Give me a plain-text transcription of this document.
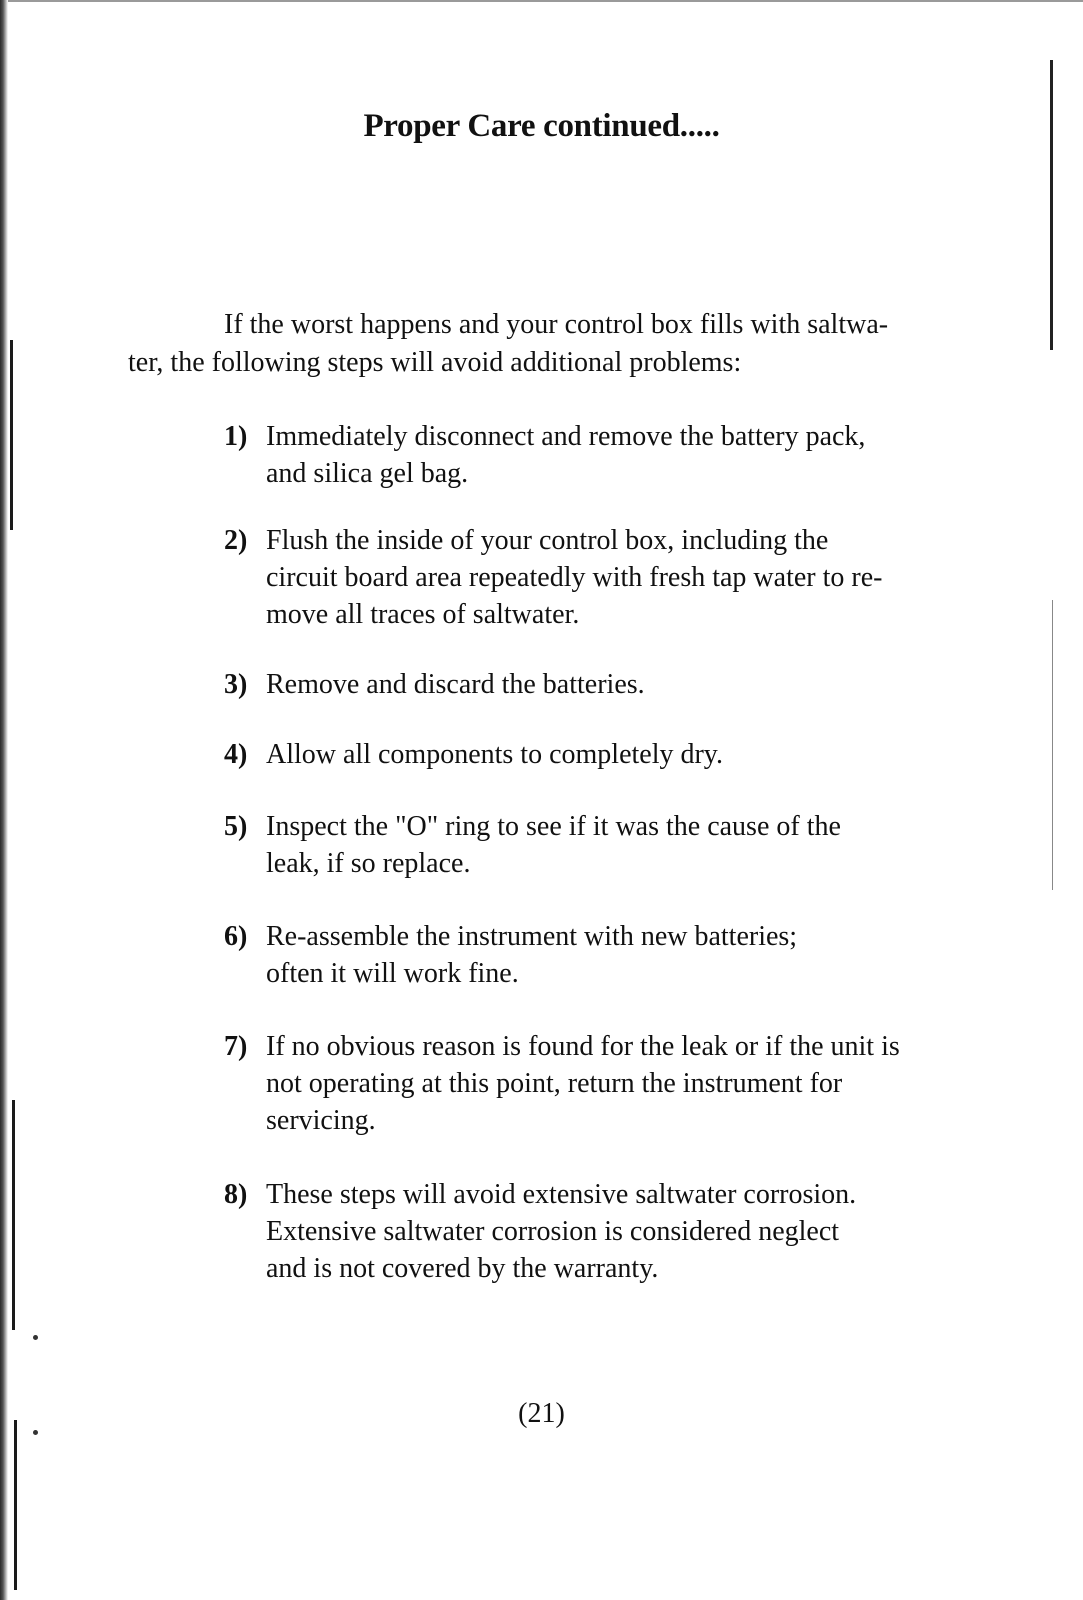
Proper Care continued.....

If the worst happens and your control box fills with saltwa-
ter, the following steps will avoid additional problems:

1) Immediately disconnect and remove the battery pack,
and silica gel bag.
2) Flush the inside of your control box, including the
circuit board area repeatedly with fresh tap water to re-
move all traces of saltwater.
3) Remove and discard the batteries.
4) Allow all components to completely dry.
5) Inspect the "O" ring to see if it was the cause of the
leak, if so replace.
6) Re-assemble the instrument with new batteries;
often it will work fine.
7) If no obvious reason is found for the leak or if the unit is
not operating at this point, return the instrument for
servicing.
8) These steps will avoid extensive saltwater corrosion.
Extensive saltwater corrosion is considered neglect
and is not covered by the warranty.

(21)
